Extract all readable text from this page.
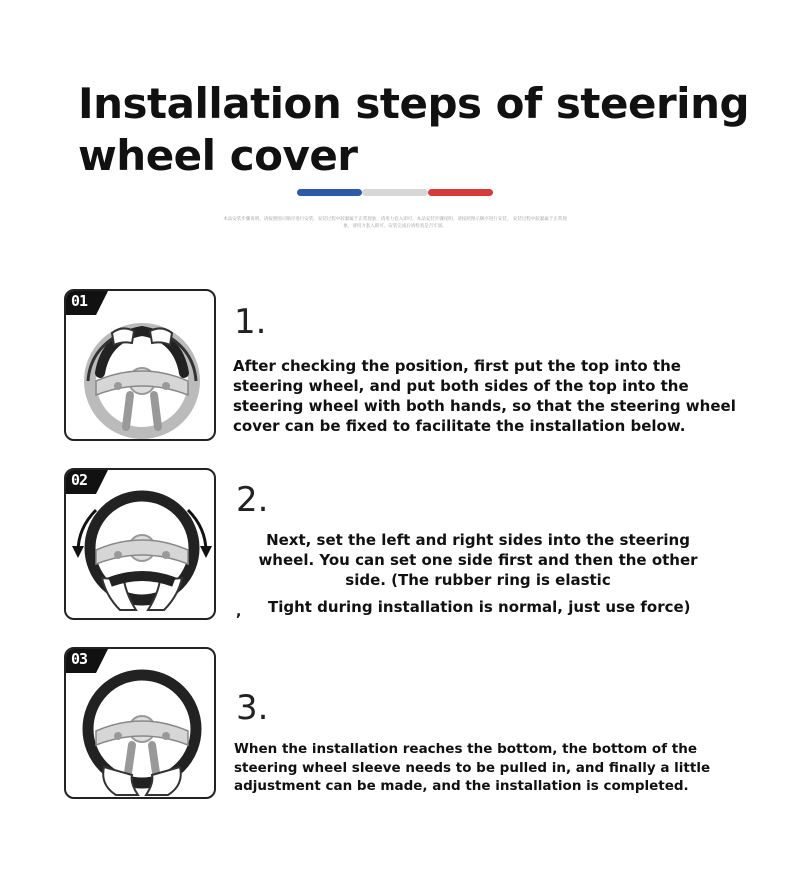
Installation steps of steering wheel cover
本品安装步骤说明，请按照图示顺序进行安装，安装过程中较紧属于正常现象，请用力套入即可。本品安装步骤说明，请按照图示顺序进行安装。 安装过程中较紧属于正常现象，请用力套入即可，安装完成后请检查是否牢固。
01
1.
After checking the position, first put the top into the steering wheel, and put both sides of the top into the steering wheel with both hands, so that the steering wheel cover can be fixed to facilitate the installation below.
02	2.
Next, set the left and right sides into the steering wheel. You can set one side first and then the other side. (The rubber ring is elastic
, Tight during installation is normal, just use force)
03
3.
When the installation reaches the bottom, the bottom of the steering wheel sleeve needs to be pulled in, and finally a little adjustment can be made, and the installation is completed.
